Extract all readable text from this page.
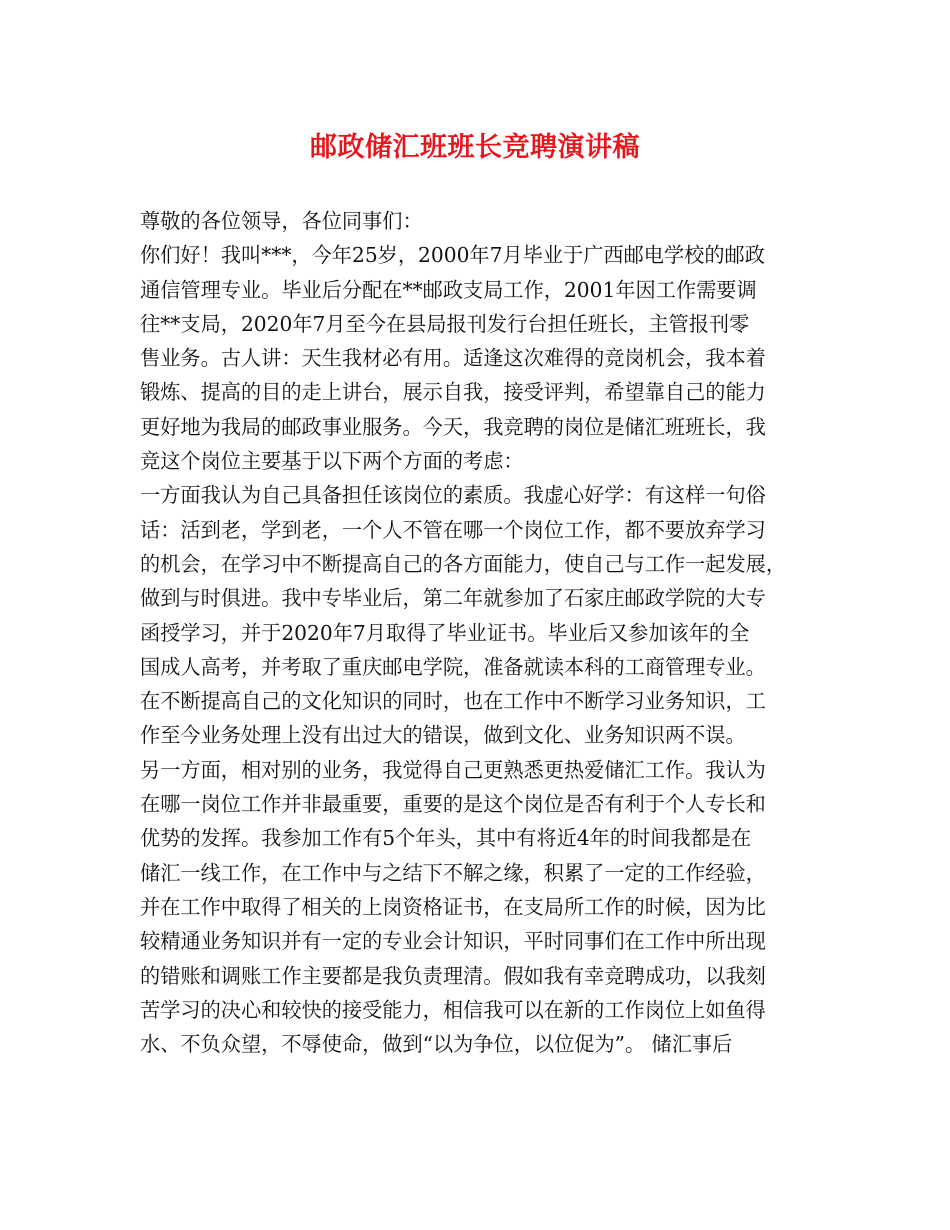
邮政储汇班班长竞聘演讲稿
尊敬的各位领导，各位同事们：
你们好！我叫***，今年25岁，2000年7月毕业于广西邮电学校的邮政
通信管理专业。毕业后分配在**邮政支局工作，2001年因工作需要调
往**支局，2020年7月至今在县局报刊发行台担任班长，主管报刊零
售业务。古人讲：天生我材必有用。适逢这次难得的竞岗机会，我本着
锻炼、提高的目的走上讲台，展示自我，接受评判，希望靠自己的能力
更好地为我局的邮政事业服务。今天，我竞聘的岗位是储汇班班长，我
竞这个岗位主要基于以下两个方面的考虑：
一方面我认为自己具备担任该岗位的素质。我虚心好学：有这样一句俗
话：活到老，学到老，一个人不管在哪一个岗位工作，都不要放弃学习
的机会，在学习中不断提高自己的各方面能力，使自己与工作一起发展，
做到与时俱进。我中专毕业后，第二年就参加了石家庄邮政学院的大专
函授学习，并于2020年7月取得了毕业证书。毕业后又参加该年的全
国成人高考，并考取了重庆邮电学院，准备就读本科的工商管理专业。
在不断提高自己的文化知识的同时，也在工作中不断学习业务知识，工
作至今业务处理上没有出过大的错误，做到文化、业务知识两不误。
另一方面，相对别的业务，我觉得自己更熟悉更热爱储汇工作。我认为
在哪一岗位工作并非最重要，重要的是这个岗位是否有利于个人专长和
优势的发挥。我参加工作有5个年头，其中有将近4年的时间我都是在
储汇一线工作，在工作中与之结下不解之缘，积累了一定的工作经验，
并在工作中取得了相关的上岗资格证书，在支局所工作的时候，因为比
较精通业务知识并有一定的专业会计知识，平时同事们在工作中所出现
的错账和调账工作主要都是我负责理清。假如我有幸竞聘成功，以我刻
苦学习的决心和较快的接受能力，相信我可以在新的工作岗位上如鱼得
水、不负众望，不辱使命，做到“以为争位，以位促为”。 储汇事后
